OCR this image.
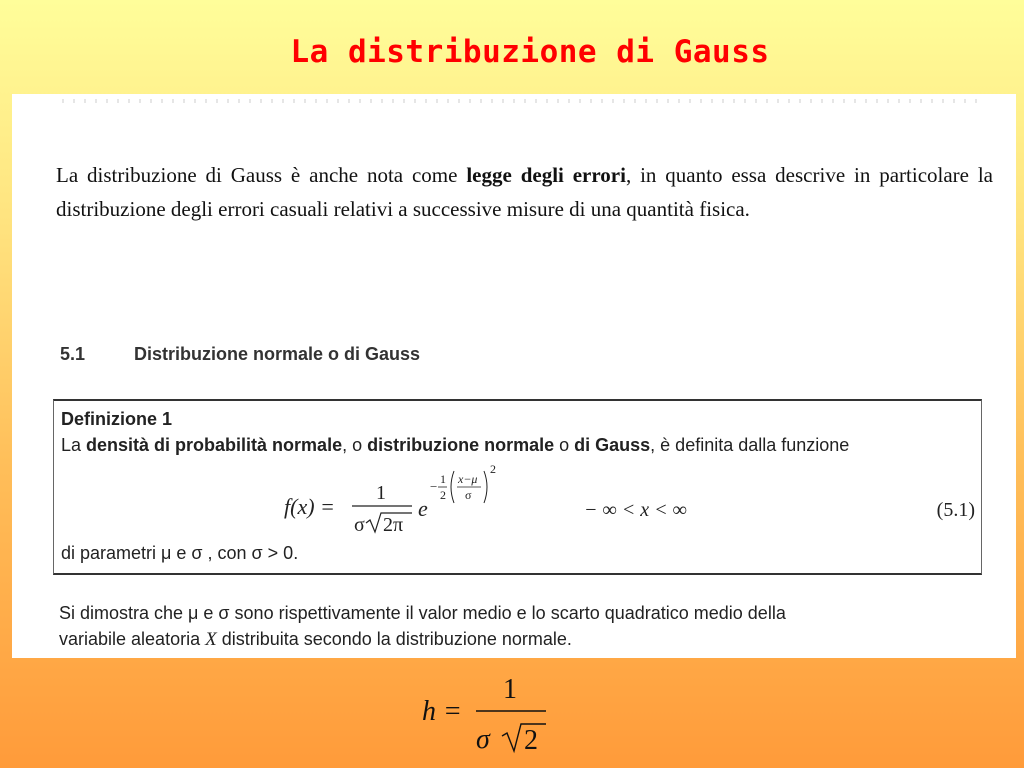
La distribuzione di Gauss
La distribuzione di Gauss è anche nota come legge degli errori, in quanto essa descrive in particolare la distribuzione degli errori casuali relativi a successive misure di una quantità fisica.
5.1	Distribuzione normale o di Gauss
Definizione 1
La densità di probabilità normale, o distribuzione normale o di Gauss, è definita dalla funzione
f(x) =
1
σ 2π
e
− 1
2
x−μ
σ
2
− ∞ < x < ∞	(5.1)
di parametri μ e σ , con σ > 0.
Si dimostra che μ e σ sono rispettivamente il valor medio e lo scarto quadratico medio della
variabile aleatoria X distribuita secondo la distribuzione normale.
h =
1
σ 2
